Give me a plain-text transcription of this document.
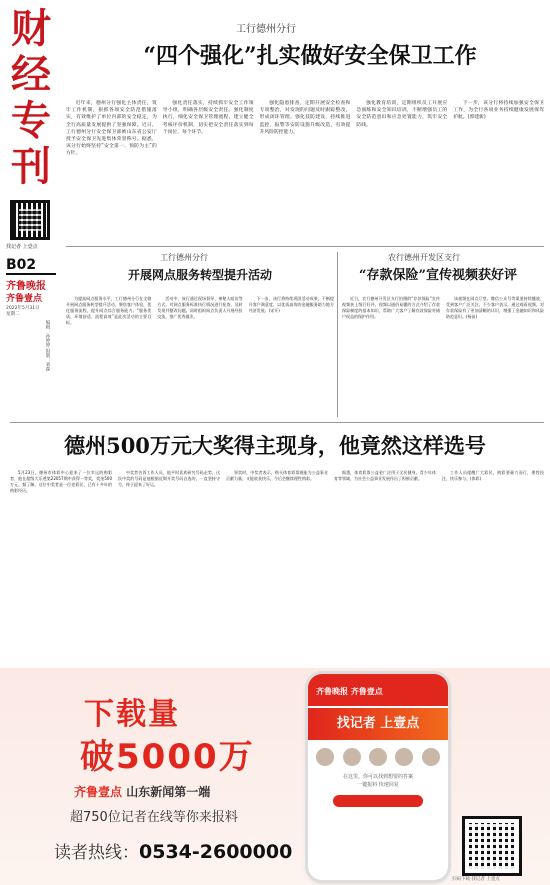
财
经
专
刊
找记者 上壹点
B02
齐鲁晚报
齐鲁壹点
2022年5月31日
星期二
编辑：孙婷婷 组版：刘森
工行德州分行
“四个强化”扎实做好安全保卫工作

近年来，德州分行强化主体责任，筑牢工作机制，狠抓各项安全防范措施落实，有效维护了单位内部的安全稳定，为全行高质量发展提供了坚强保障。近日，工行德州分行安全保卫部被山东省公安厅授予安全保卫先进集体荣誉称号。据悉，该分行始终坚持“安全第一、预防为主”的方针。

强化责任落实，持续抓牢安全工作领导小组，明确各层级安全责任。强化制度执行，细化安全保卫管理流程，建立健全考核评价机制，切实把安全责任落实到每个岗位、每个环节。

强化隐患排查，定期开展安全检查和专项整治，对发现的问题及时跟踪整改，形成闭环管理。强化技防建设，持续推进监控、报警等安防设施升级改造，有效提升风险防控能力。

强化教育培训，定期组织员工开展应急演练和安全知识培训，不断增强员工的安全防范意识和应急处置能力，筑牢安全防线。

下一步，该分行将持续加强安全保卫工作，为全行各项业务持续健康发展保驾护航。(郭建新)

工行德州分行
开展网点服务转型提升活动

为提高网点服务水平，工行德州分行在全辖开展网点服务转型提升活动，聚焦客户体验，优化服务流程，提升网点综合服务能力。“服务优质、环境舒适、流程高效”是此次活动的主要目标。

活动中，该行通过现场督导、神秘人暗访等方式，对网点服务标准执行情况进行检查，及时发现并整改问题。同时组织网点负责人开展经验交流，推广优秀做法。

下一步，该行将持续巩固活动成果，不断提升客户满意度，以优质高效的金融服务助力地方经济发展。(宋开)

农行德州开发区支行
“存款保险”宣传视频获好评

近日，农行德州开发区支行拍摄的“存款保险”宣传视频获上级行好评。视频以通俗易懂的方式介绍了存款保险制度的基本知识，帮助广大客户了解存款保险对储户权益的保护作用。

该视频在网点厅堂、微信公众号等渠道持续播放，受到客户广泛关注。不少客户表示，通过观看视频，对存款保险有了更加清晰的认识，增强了金融知识和风险防范意识。(杨苗)

德州500万元大奖得主现身，他竟然这样选号

5月23日，德州市体彩中心迎来了一位幸运的购彩者，他在超级大乐透第22057期中获得一等奖，奖金500万元。据了解，这位中奖者是一位老彩民，已有十多年的购彩经历。

中奖者告诉工作人员，他平时喜欢研究号码走势，这次中奖的号码是他根据近期开奖号码自选的，一直坚持守号，终于迎来了好运。

领奖时，中奖者表示，购买体育彩票既能为公益事业贡献力量，又能收获快乐，今后会继续理性购彩。

据悉，体育彩票公益金广泛用于全民健身、青少年体育等领域，为社会公益事业发展作出了积极贡献。

工作人员提醒广大彩民，购彩要量力而行，理性投注，快乐参与。(体彩)

下载量
破5000万
齐鲁壹点 山东新闻第一端
超750位记者在线等你来报料
读者热线：0534-2600000
齐鲁晚报 齐鲁壹点
找记者 上壹点
在这里，你可以找到想要的答案
一键报料 快速回复
扫码下载 找记者 上壹点
